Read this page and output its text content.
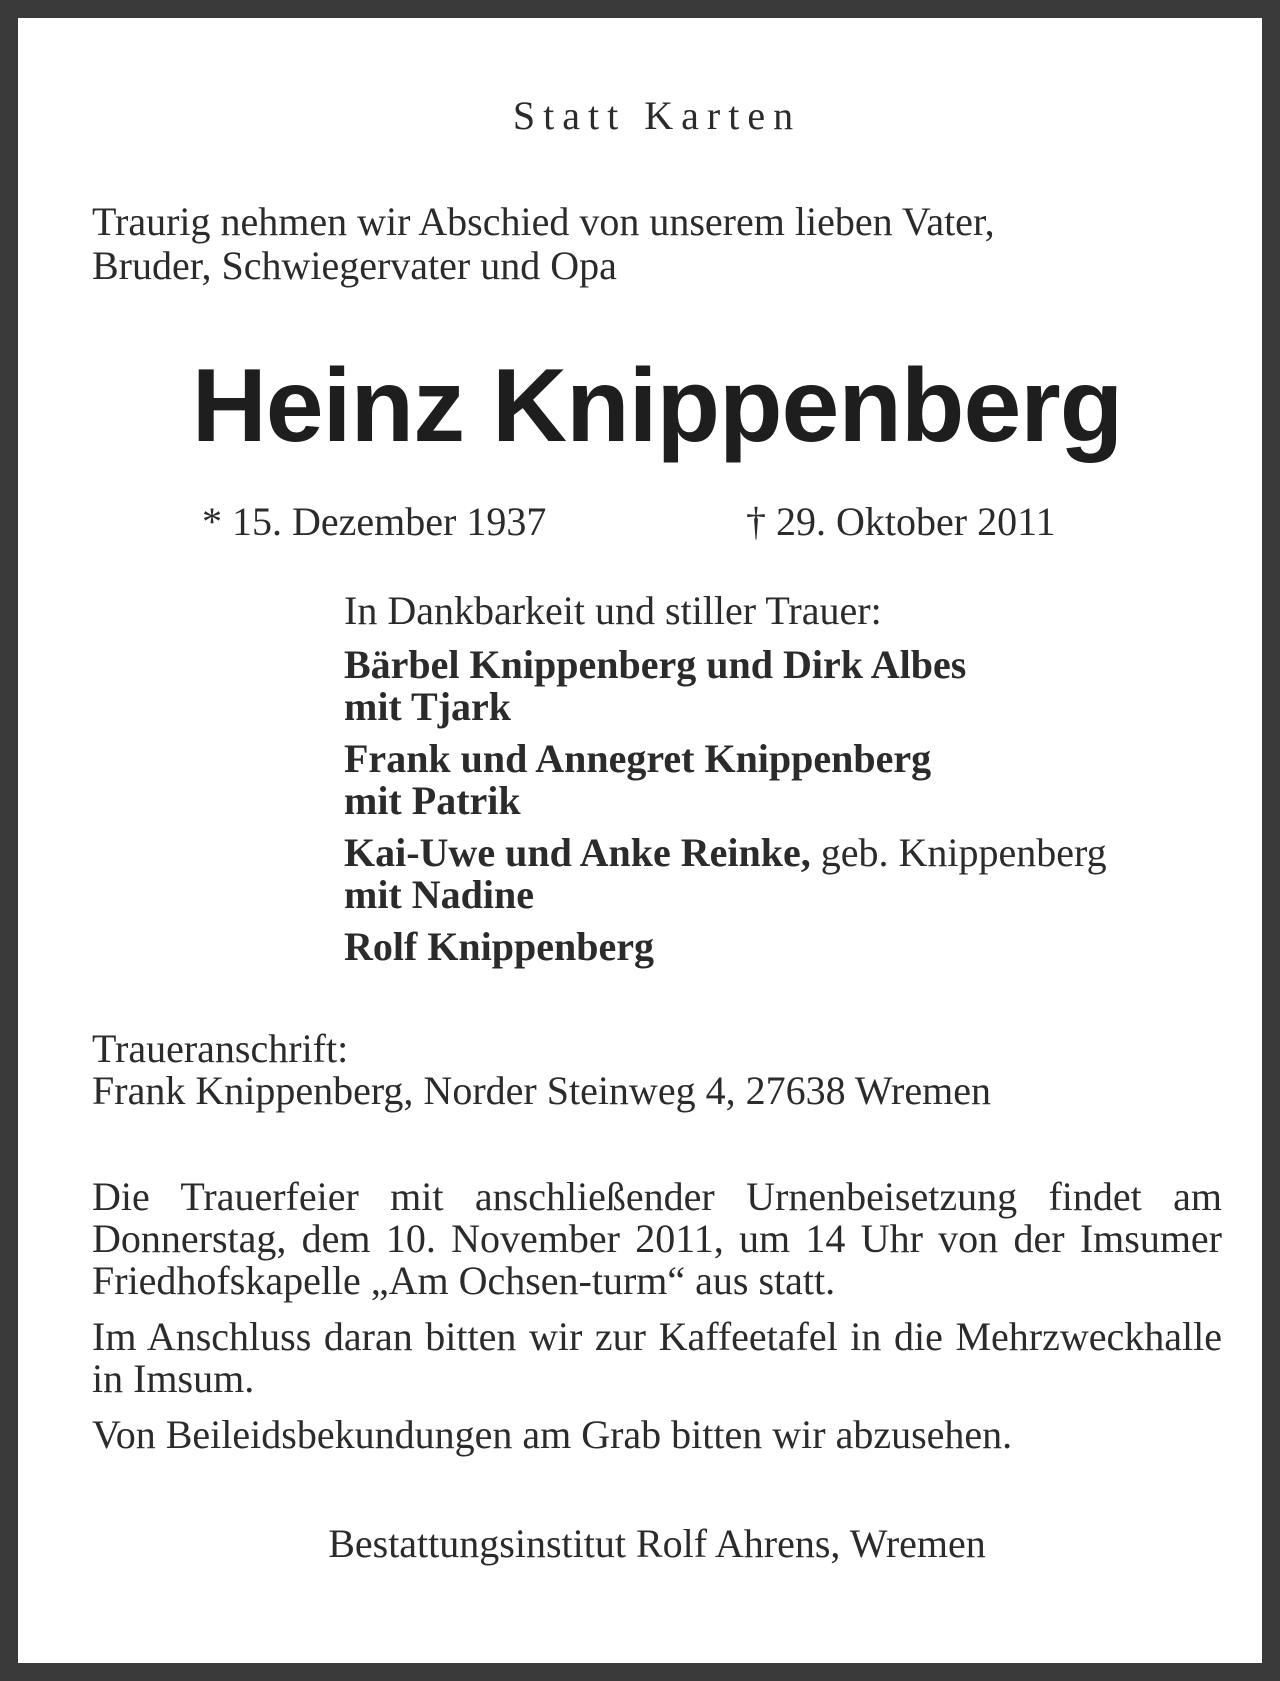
Statt Karten
Traurig nehmen wir Abschied von unserem lieben Vater,
Bruder, Schwiegervater und Opa
Heinz Knippenberg
* 15. Dezember 1937	† 29. Oktober 2011
In Dankbarkeit und stiller Trauer:
Bärbel Knippenberg und Dirk Albes
mit Tjark
Frank und Annegret Knippenberg
mit Patrik
Kai-Uwe und Anke Reinke, geb. Knippenberg
mit Nadine
Rolf Knippenberg
Traueranschrift:
Frank Knippenberg, Norder Steinweg 4, 27638 Wremen

Die Trauerfeier mit anschließender Urnenbeisetzung findet am Donnerstag, dem 10. November 2011, um 14 Uhr von der Imsumer Friedhofskapelle „Am Ochsen-turm“ aus statt.

Im Anschluss daran bitten wir zur Kaffeetafel in die Mehrzweckhalle in Imsum.

Von Beileidsbekundungen am Grab bitten wir abzusehen.

Bestattungsinstitut Rolf Ahrens, Wremen
